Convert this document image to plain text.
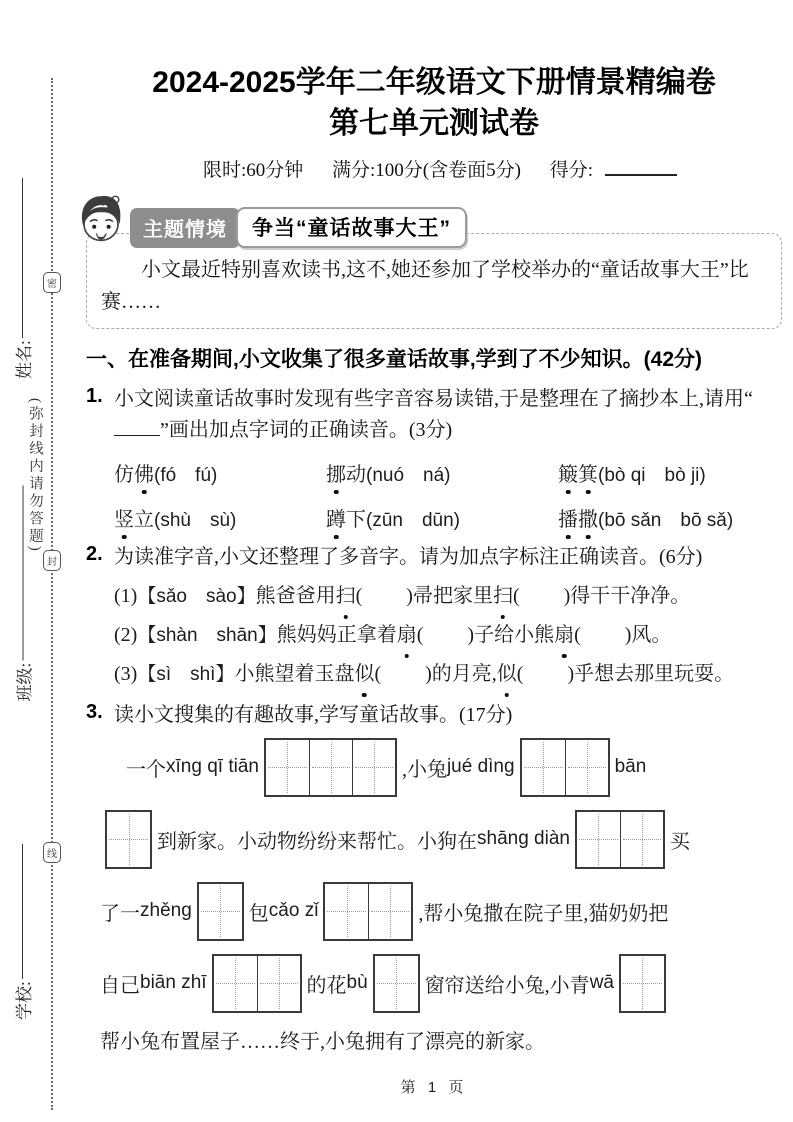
姓名:
班级:
学校:
(弥封线内请勿答题)
密
封
线
2024-2025学年二年级语文下册情景精编卷
第七单元测试卷
限时:60分钟 满分:100分(含卷面5分) 得分:
主题情境	争当“童话故事大王”

小文最近特别喜欢读书,这不,她还参加了学校举办的“童话故事大王”比赛……

一、在准备期间,小文收集了很多童话故事,学到了不少知识。(42分)
1. 小文阅读童话故事时发现有些字音容易读错,于是整理在了摘抄本上,请用“”画出加点字词的正确读音。(3分)
仿佛(fó　fú)	挪动(nuó　ná)	簸箕(bò qi　bò ji)
竖立(shù　sù)	蹲下(zūn　dūn)	播撒(bō sǎn　bō sǎ)
2. 为读准字音,小文还整理了多音字。请为加点字标注正确读音。(6分)
(1)【sǎo　sào】熊爸爸用扫( )帚把家里扫( )得干干净净。
(2)【shàn　shān】熊妈妈正拿着扇( )子给小熊扇( )风。
(3)【sì　shì】小熊望着玉盘似( )的月亮,似( )乎想去那里玩耍。
3. 读小文搜集的有趣故事,学写童话故事。(17分)
一个 xīng qī tiān	,小兔 jué dìng	bān
到新家。小动物纷纷来帮忙。小狗在 shāng diàn	买
了一 zhěng	包 cǎo zǐ	,帮小兔撒在院子里,猫奶奶把
自己 biān zhī	的花 bù	窗帘送给小兔,小青 wā
帮小兔布置屋子……终于,小兔拥有了漂亮的新家。
第 1 页
